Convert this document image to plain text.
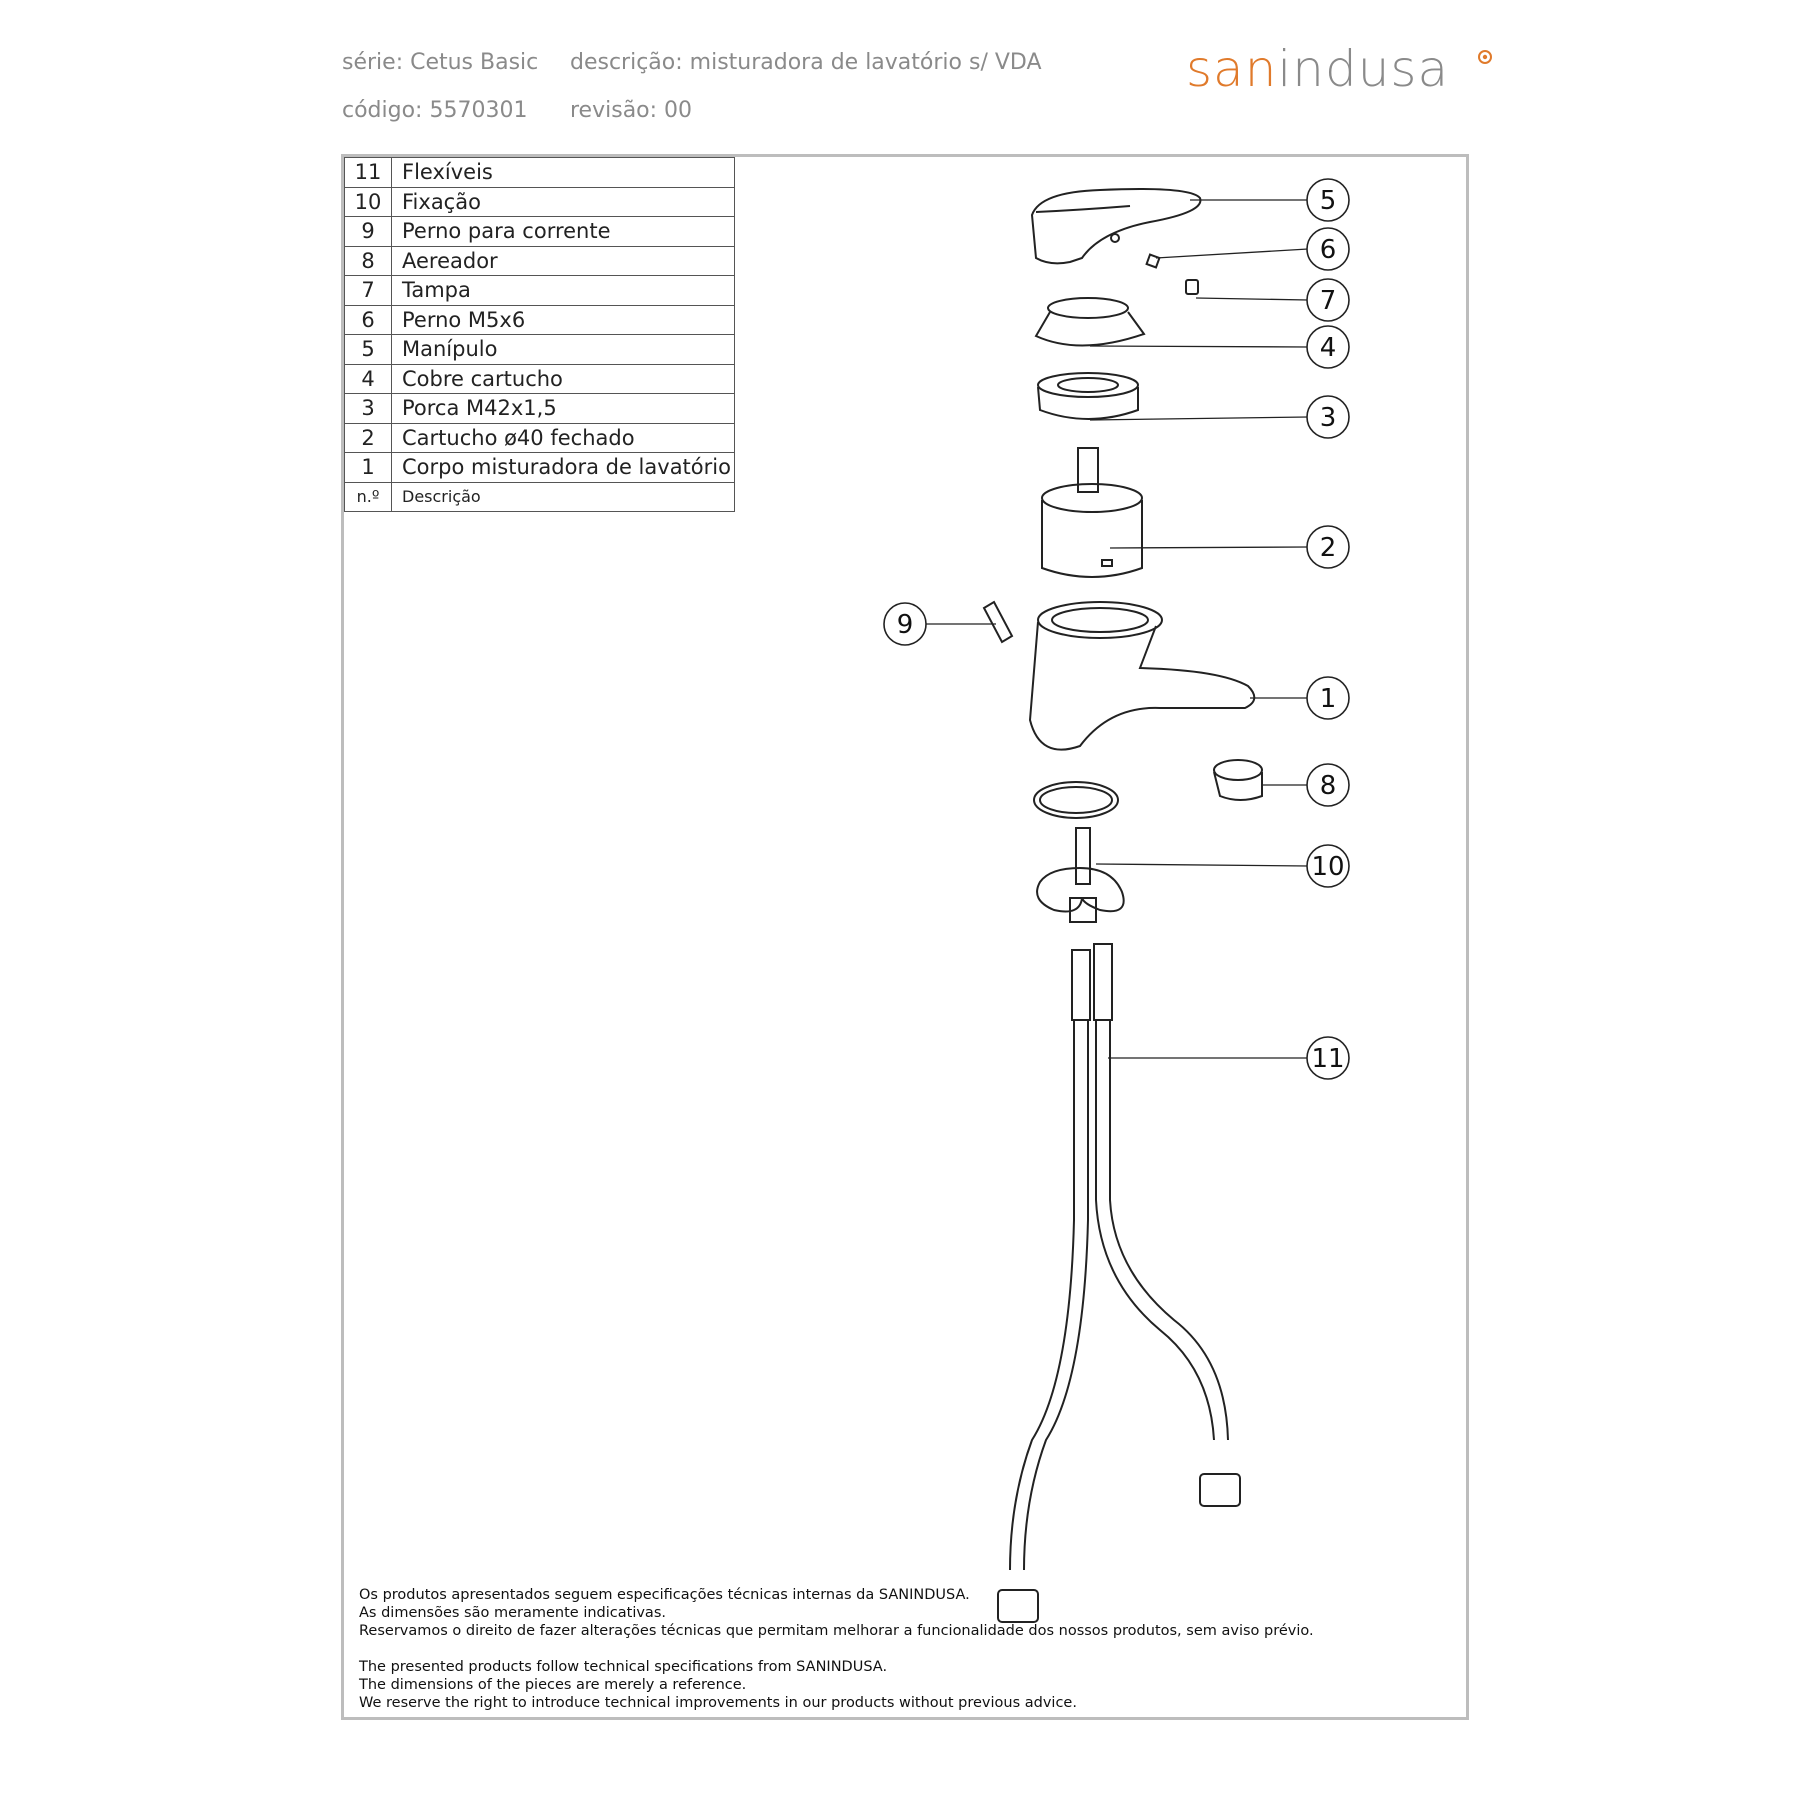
série: Cetus Basic descrição: misturadora de lavatório s/ VDA
código: 5570301 revisão: 00
sanindusa
11	Flexíveis
10	Fixação
9	Perno para corrente
8	Aereador
7	Tampa
6	Perno M5x6
5	Manípulo
4	Cobre cartucho
3	Porca M42x1,5
2	Cartucho ø40 fechado
1	Corpo misturadora de lavatório
n.º	Descrição
5
6
7
4
3
2
9
1
8
10
11

Os produtos apresentados seguem especificações técnicas internas da SANINDUSA.

As dimensões são meramente indicativas.

Reservamos o direito de fazer alterações técnicas que permitam melhorar a funcionalidade dos nossos produtos, sem aviso prévio.

The presented products follow technical specifications from SANINDUSA.

The dimensions of the pieces are merely a reference.

We reserve the right to introduce technical improvements in our products without previous advice.
